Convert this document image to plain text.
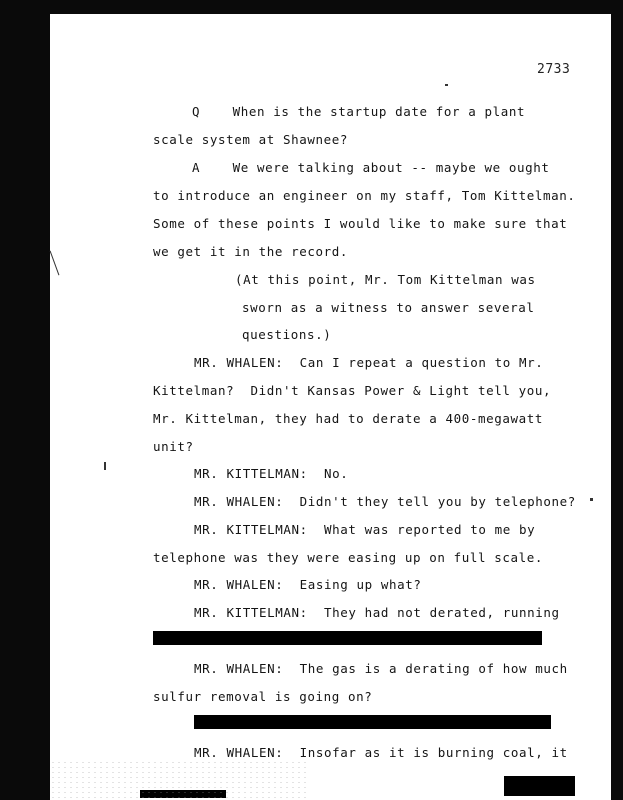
2733
Q    When is the startup date for a plant
scale system at Shawnee?
A    We were talking about -- maybe we ought
to introduce an engineer on my staff, Tom Kittelman.
Some of these points I would like to make sure that
we get it in the record.
(At this point, Mr. Tom Kittelman was
sworn as a witness to answer several
questions.)
MR. WHALEN:  Can I repeat a question to Mr.
Kittelman?  Didn't Kansas Power & Light tell you,
Mr. Kittelman, they had to derate a 400-megawatt
unit?
MR. KITTELMAN:  No.
MR. WHALEN:  Didn't they tell you by telephone?
MR. KITTELMAN:  What was reported to me by
telephone was they were easing up on full scale.
MR. WHALEN:  Easing up what?
MR. KITTELMAN:  They had not derated, running
MR. WHALEN:  The gas is a derating of how much
sulfur removal is going on?
MR. WHALEN:  Insofar as it is burning coal, it
